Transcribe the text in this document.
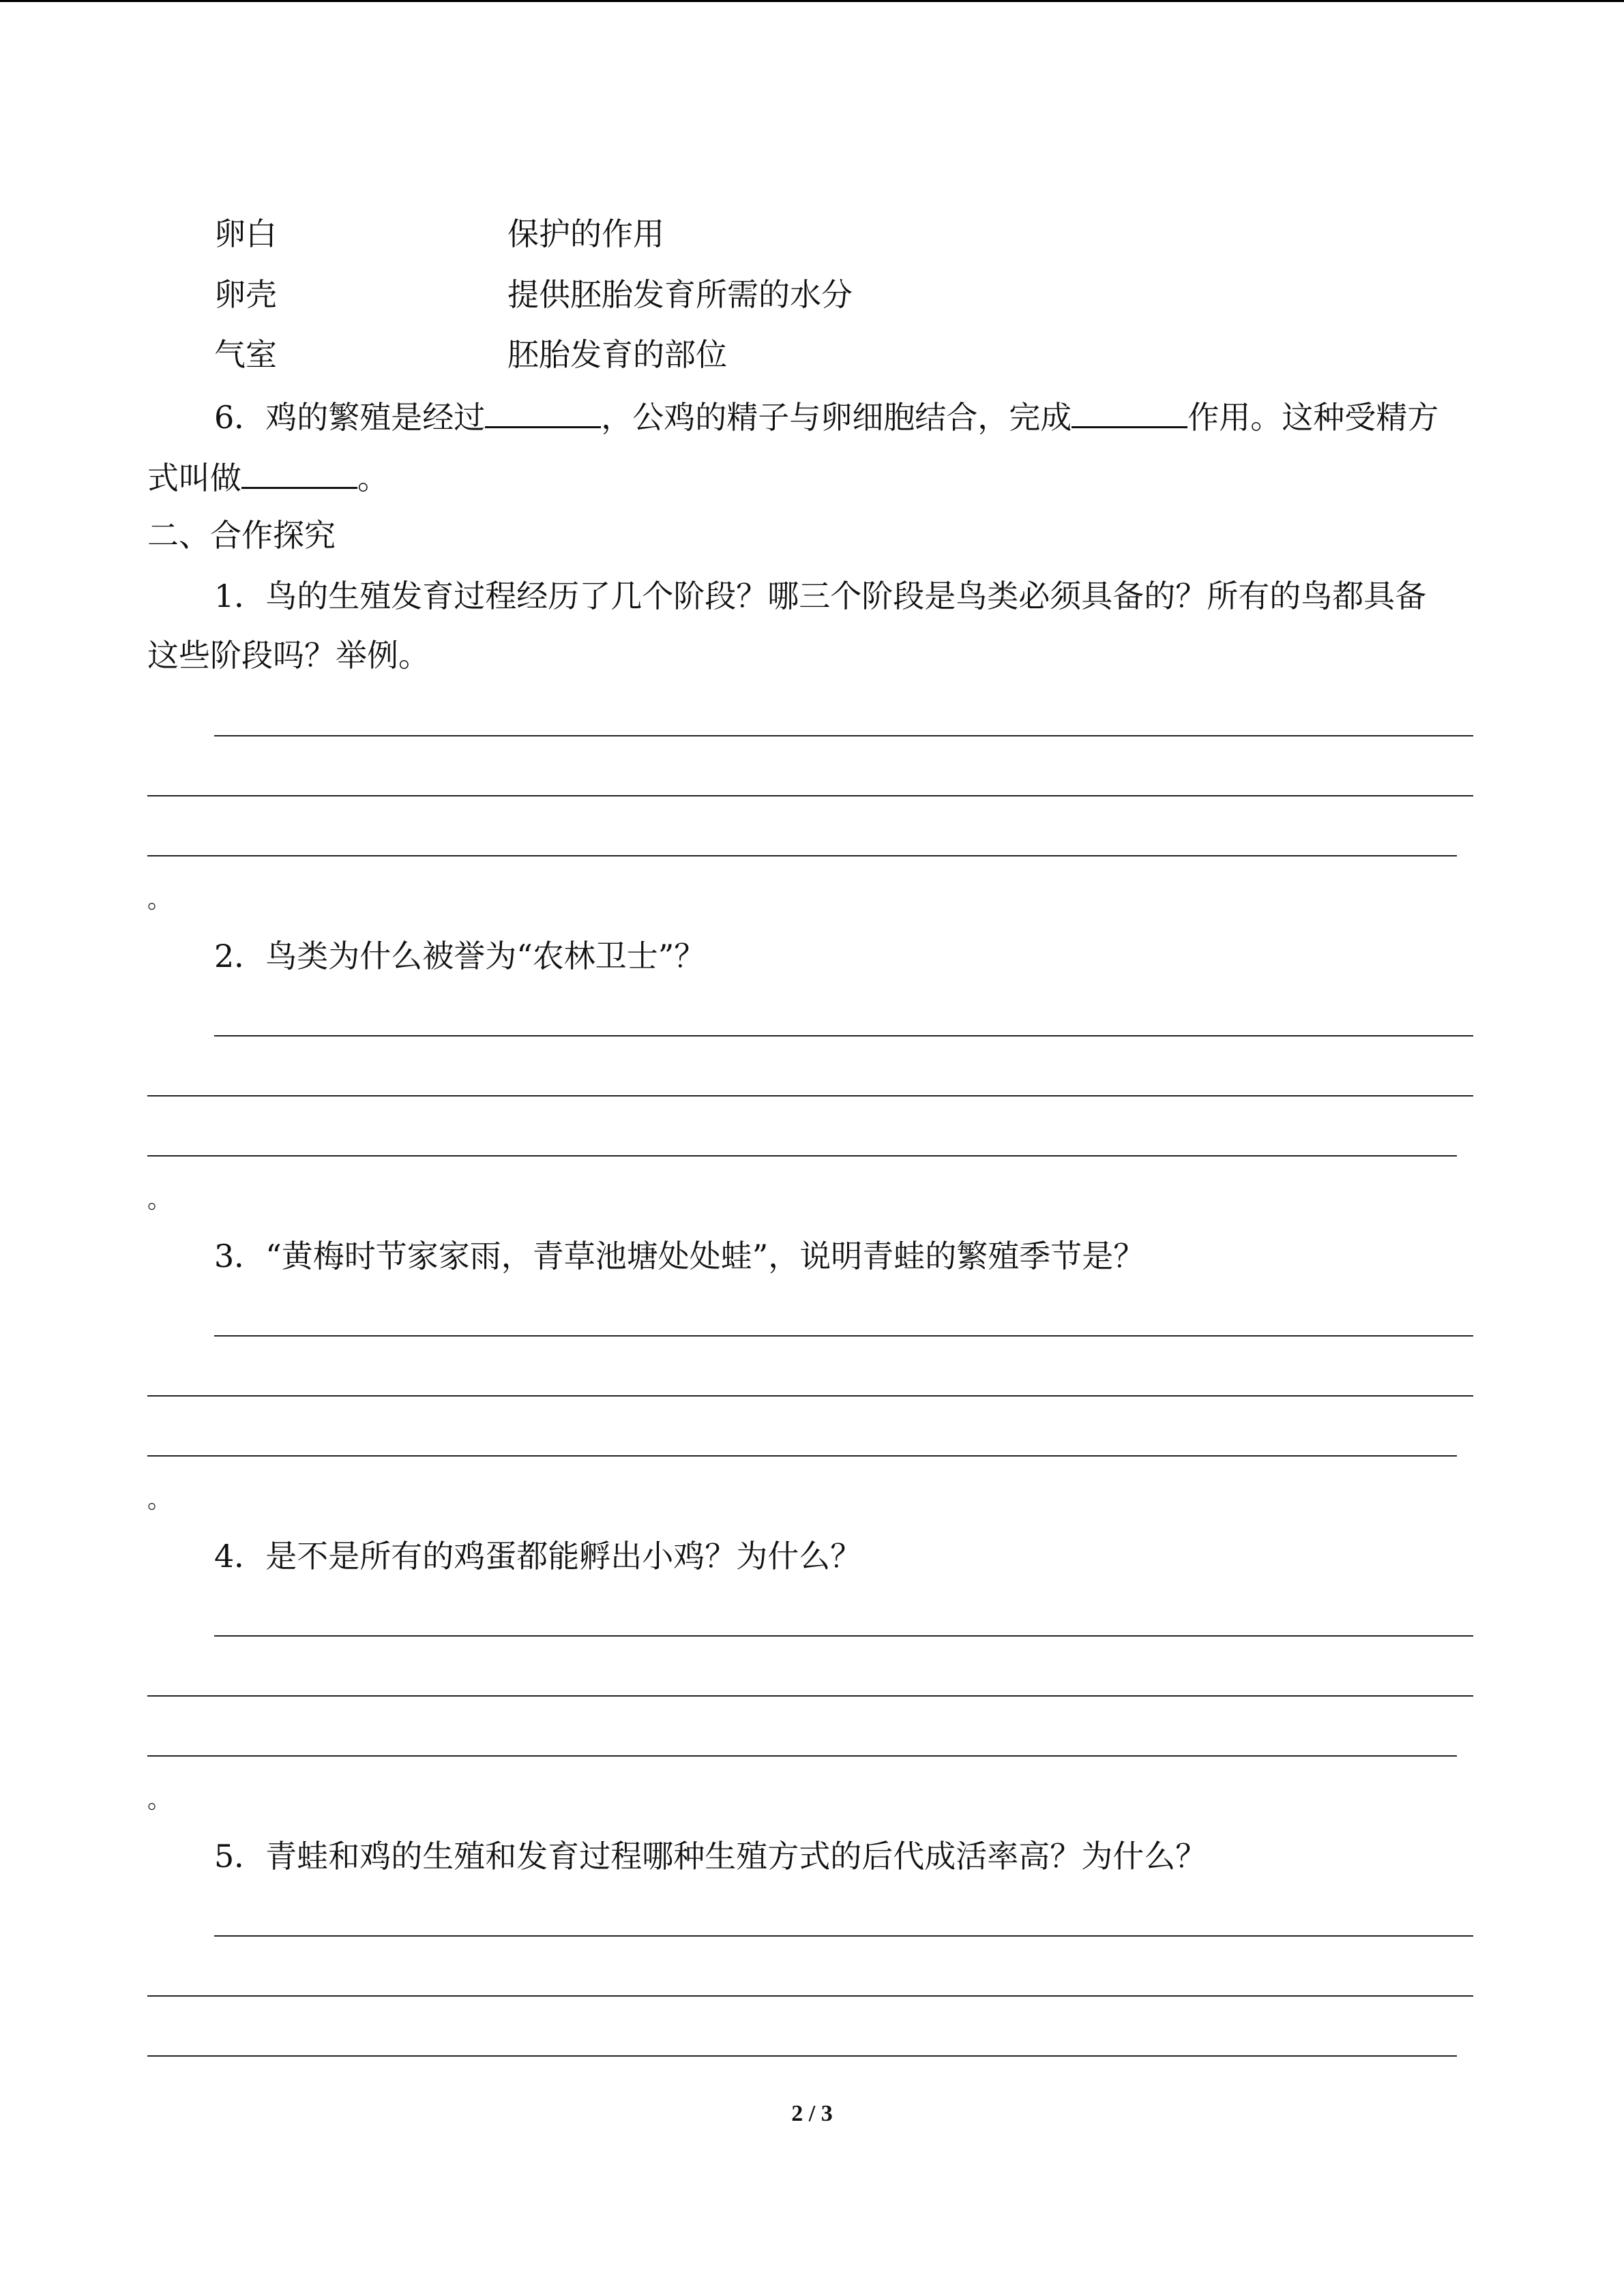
卵白	保护的作用
卵壳	提供胚胎发育所需的水分
气室	胚胎发育的部位
6．鸡的繁殖是经过	，公鸡的精子与卵细胞结合，完成	作用。这种受精方
式叫做	。
二、合作探究
1．鸟的生殖发育过程经历了几个阶段？哪三个阶段是鸟类必须具备的？所有的鸟都具备
这些阶段吗？举例。
。
2．鸟类为什么被誉为“农林卫士”？
。
3．“黄梅时节家家雨，青草池塘处处蛙”，说明青蛙的繁殖季节是？
。
4．是不是所有的鸡蛋都能孵出小鸡？为什么？
。
5．青蛙和鸡的生殖和发育过程哪种生殖方式的后代成活率高？为什么？
2 / 3
